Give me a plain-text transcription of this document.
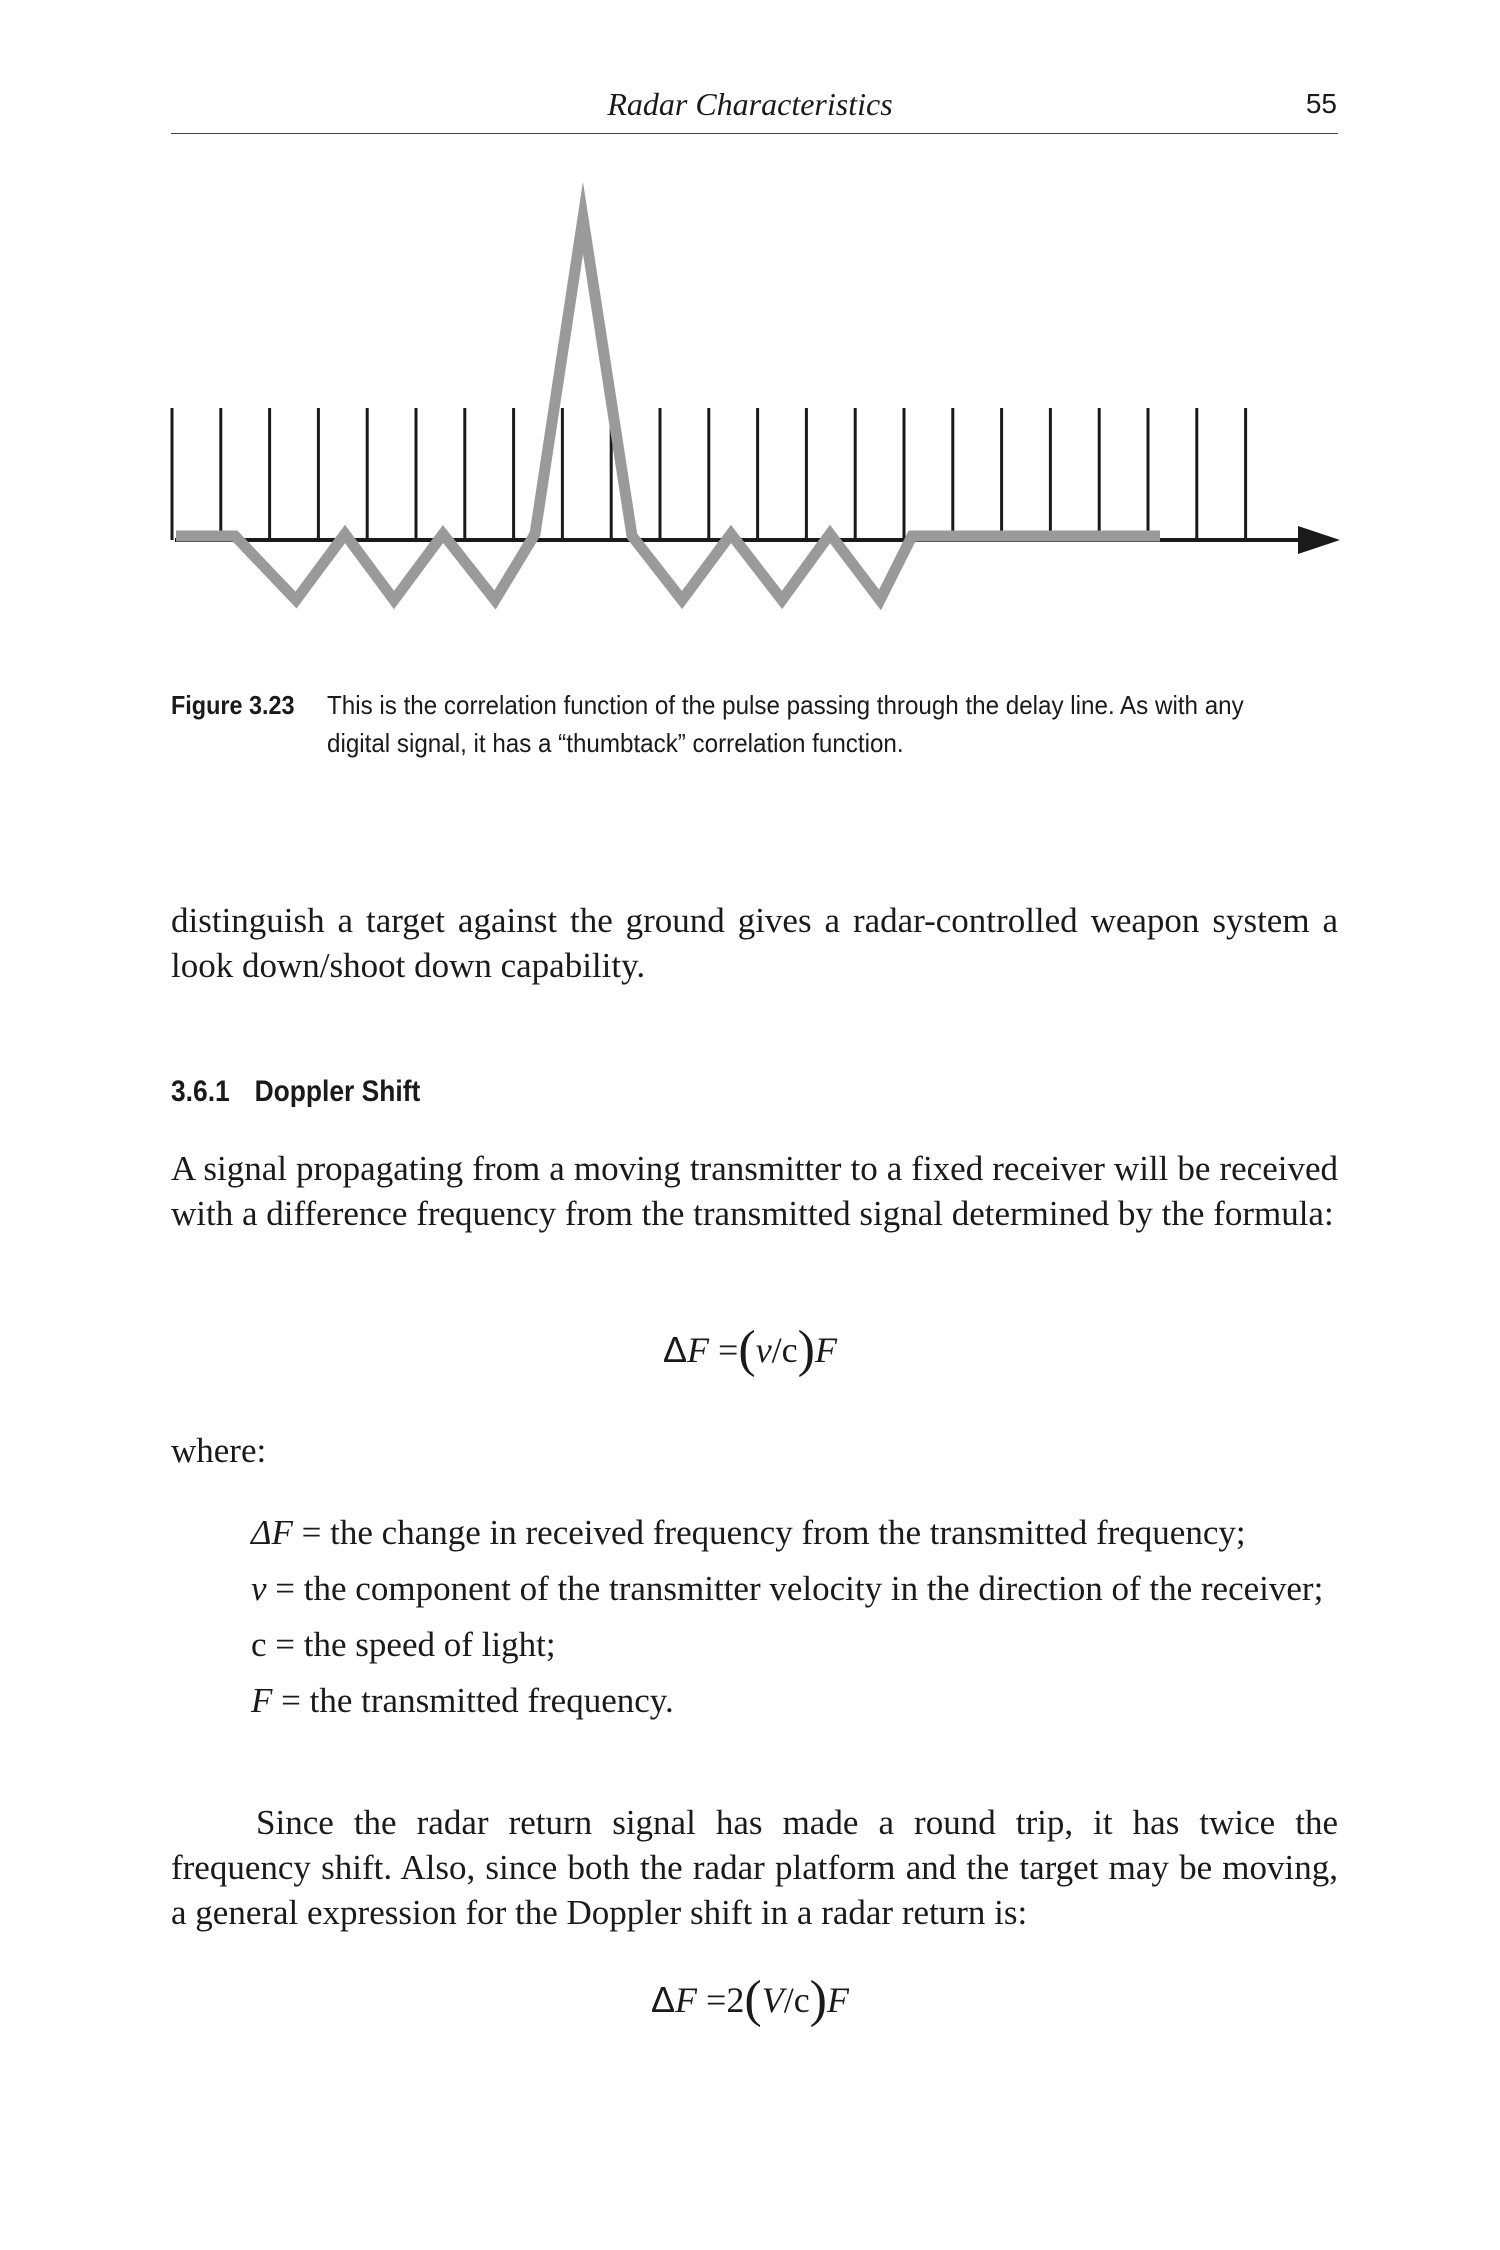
Radar Characteristics	55
Figure 3.23	This is the correlation function of the pulse passing through the delay line. As with any digital signal, it has a “thumbtack” correlation function.
distinguish a target against the ground gives a radar-controlled weapon system a look down/shoot down capability.
3.6.1 Doppler Shift
A signal propagating from a moving transmitter to a fixed receiver will be received with a difference frequency from the transmitted signal determined by the formula:
ΔF =(v/c)F
where:
ΔF = the change in received frequency from the transmitted frequency;
v = the component of the transmitter velocity in the direction of the receiver;
c = the speed of light;
F = the transmitted frequency.
Since the radar return signal has made a round trip, it has twice the frequency shift. Also, since both the radar platform and the target may be moving, a general expression for the Doppler shift in a radar return is:
ΔF =2(V/c)F
